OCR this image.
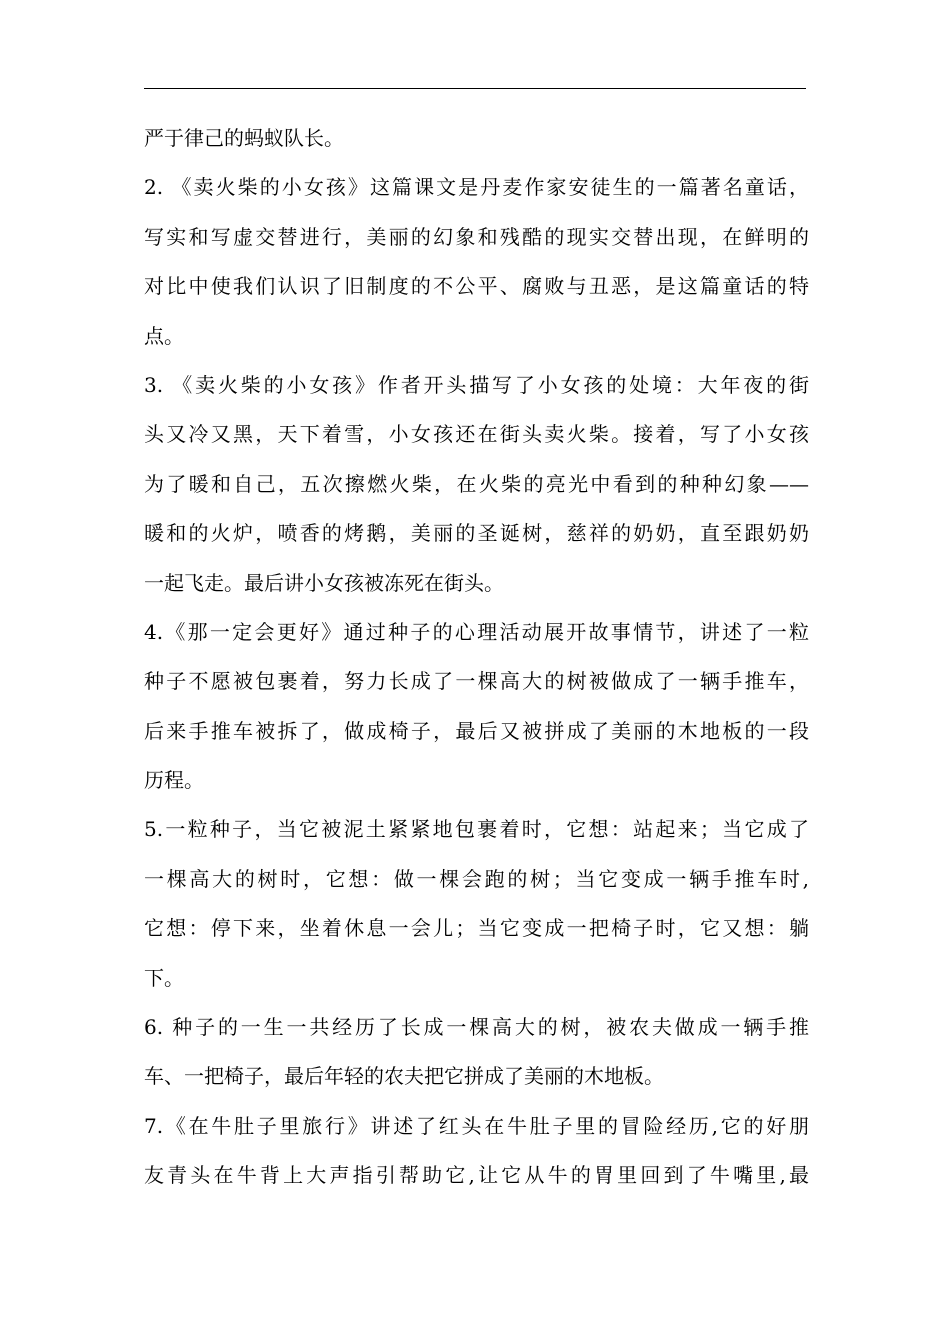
严于律己的蚂蚁队长。
2. 《卖火柴的小女孩》这篇课文是丹麦作家安徒生的一篇著名童话，
写实和写虚交替进行，美丽的幻象和残酷的现实交替出现，在鲜明的
对比中使我们认识了旧制度的不公平、腐败与丑恶，是这篇童话的特
点。
3. 《卖火柴的小女孩》作者开头描写了小女孩的处境：大年夜的街
头又冷又黑，天下着雪，小女孩还在街头卖火柴。接着，写了小女孩
为了暖和自己，五次擦燃火柴，在火柴的亮光中看到的种种幻象——
暖和的火炉，喷香的烤鹅，美丽的圣诞树，慈祥的奶奶，直至跟奶奶
一起飞走。最后讲小女孩被冻死在街头。
4.《那一定会更好》通过种子的心理活动展开故事情节，讲述了一粒
种子不愿被包裹着，努力长成了一棵高大的树被做成了一辆手推车，
后来手推车被拆了，做成椅子，最后又被拼成了美丽的木地板的一段
历程。
5.一粒种子，当它被泥土紧紧地包裹着时，它想：站起来；当它成了
一棵高大的树时，它想：做一棵会跑的树；当它变成一辆手推车时,
它想：停下来，坐着休息一会儿；当它变成一把椅子时，它又想：躺
下。
6. 种子的一生一共经历了长成一棵高大的树，被农夫做成一辆手推
车、一把椅子，最后年轻的农夫把它拼成了美丽的木地板。
7.《在牛肚子里旅行》讲述了红头在牛肚子里的冒险经历,它的好朋
友青头在牛背上大声指引帮助它,让它从牛的胃里回到了牛嘴里,最
